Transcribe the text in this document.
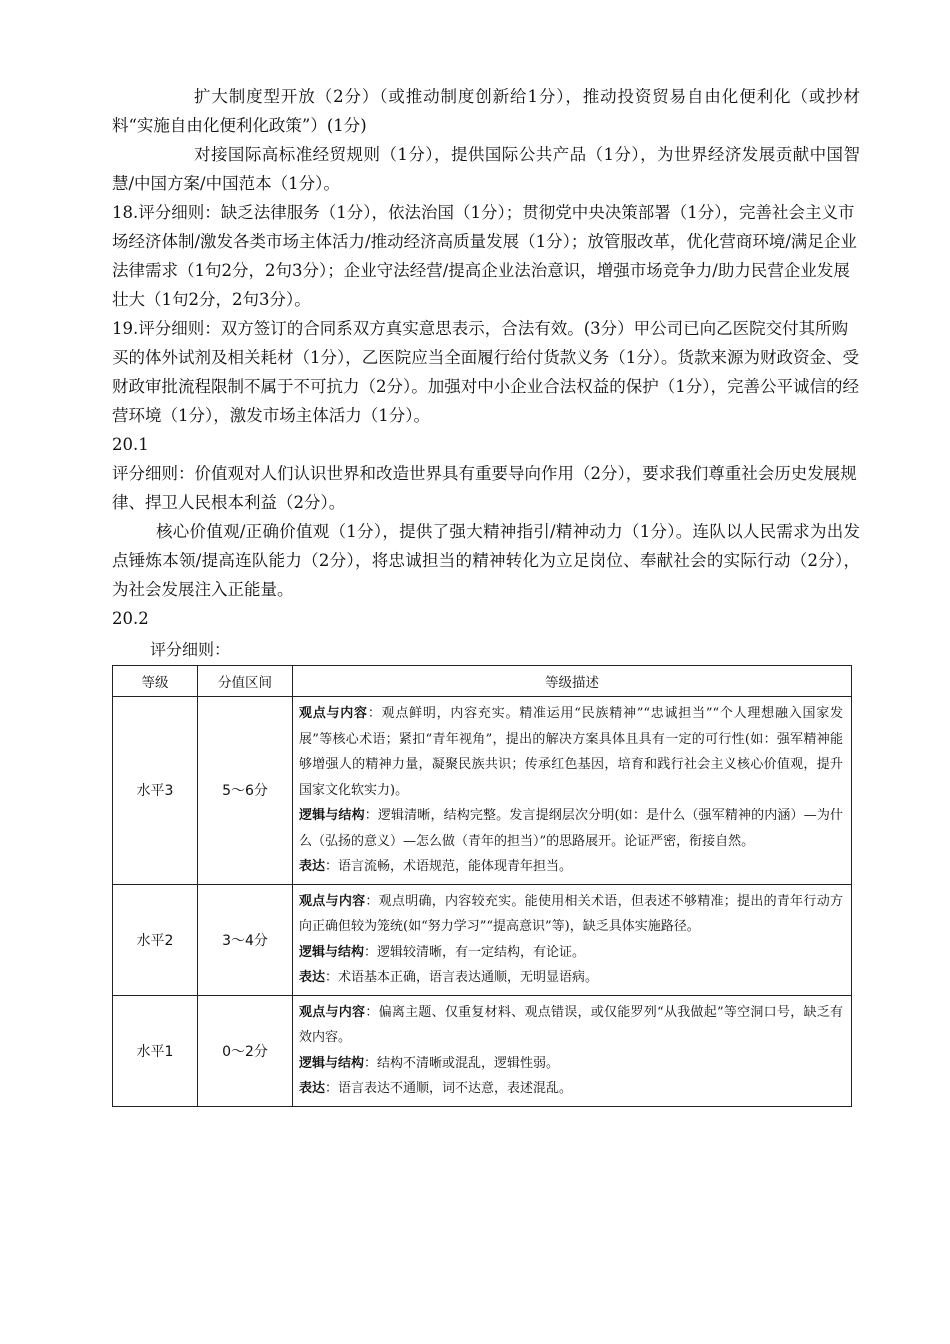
扩大制度型开放（2分）（或推动制度创新给1分），推动投资贸易自由化便利化（或抄材料“实施自由化便利化政策”）(1分)

对接国际高标准经贸规则（1分），提供国际公共产品（1分），为世界经济发展贡献中国智慧/中国方案/中国范本（1分）。

18.评分细则：缺乏法律服务（1分），依法治国（1分）；贯彻党中央决策部署（1分），完善社会主义市场经济体制/激发各类市场主体活力/推动经济高质量发展（1分）；放管服改革，优化营商环境/满足企业法律需求（1句2分，2句3分）；企业守法经营/提高企业法治意识，增强市场竞争力/助力民营企业发展壮大（1句2分，2句3分）。

19.评分细则：双方签订的合同系双方真实意思表示，合法有效。(3分）甲公司已向乙医院交付其所购买的体外试剂及相关耗材（1分），乙医院应当全面履行给付货款义务（1分）。货款来源为财政资金、受财政审批流程限制不属于不可抗力（2分）。加强对中小企业合法权益的保护（1分），完善公平诚信的经营环境（1分），激发市场主体活力（1分）。

20.1

评分细则：价值观对人们认识世界和改造世界具有重要导向作用（2分），要求我们尊重社会历史发展规律、捍卫人民根本利益（2分）。

核心价值观/正确价值观（1分），提供了强大精神指引/精神动力（1分）。连队以人民需求为出发点锤炼本领/提高连队能力（2分），将忠诚担当的精神转化为立足岗位、奉献社会的实际行动（2分），为社会发展注入正能量。

20.2

评分细则：

等级	分值区间	等级描述
水平3	5～6分	观点与内容：观点鲜明，内容充实。精准运用“民族精神”“忠诚担当”“个人理想融入国家发展”等核心术语；紧扣“青年视角”，提出的解决方案具体且具有一定的可行性(如：强军精神能够增强人的精神力量，凝聚民族共识；传承红色基因，培育和践行社会主义核心价值观，提升国家文化软实力)。
逻辑与结构：逻辑清晰，结构完整。发言提纲层次分明(如：是什么（强军精神的内涵）—为什么（弘扬的意义）—怎么做（青年的担当）”的思路展开。论证严密，衔接自然。
表达：语言流畅，术语规范，能体现青年担当。

水平2	3～4分	观点与内容：观点明确，内容较充实。能使用相关术语，但表述不够精准；提出的青年行动方向正确但较为笼统(如“努力学习”“提高意识”等)，缺乏具体实施路径。
逻辑与结构：逻辑较清晰，有一定结构，有论证。
表达：术语基本正确，语言表达通顺，无明显语病。

水平1	0～2分	观点与内容：偏离主题、仅重复材料、观点错误，或仅能罗列“从我做起”等空洞口号，缺乏有效内容。
逻辑与结构：结构不清晰或混乱，逻辑性弱。
表达：语言表达不通顺，词不达意，表述混乱。
